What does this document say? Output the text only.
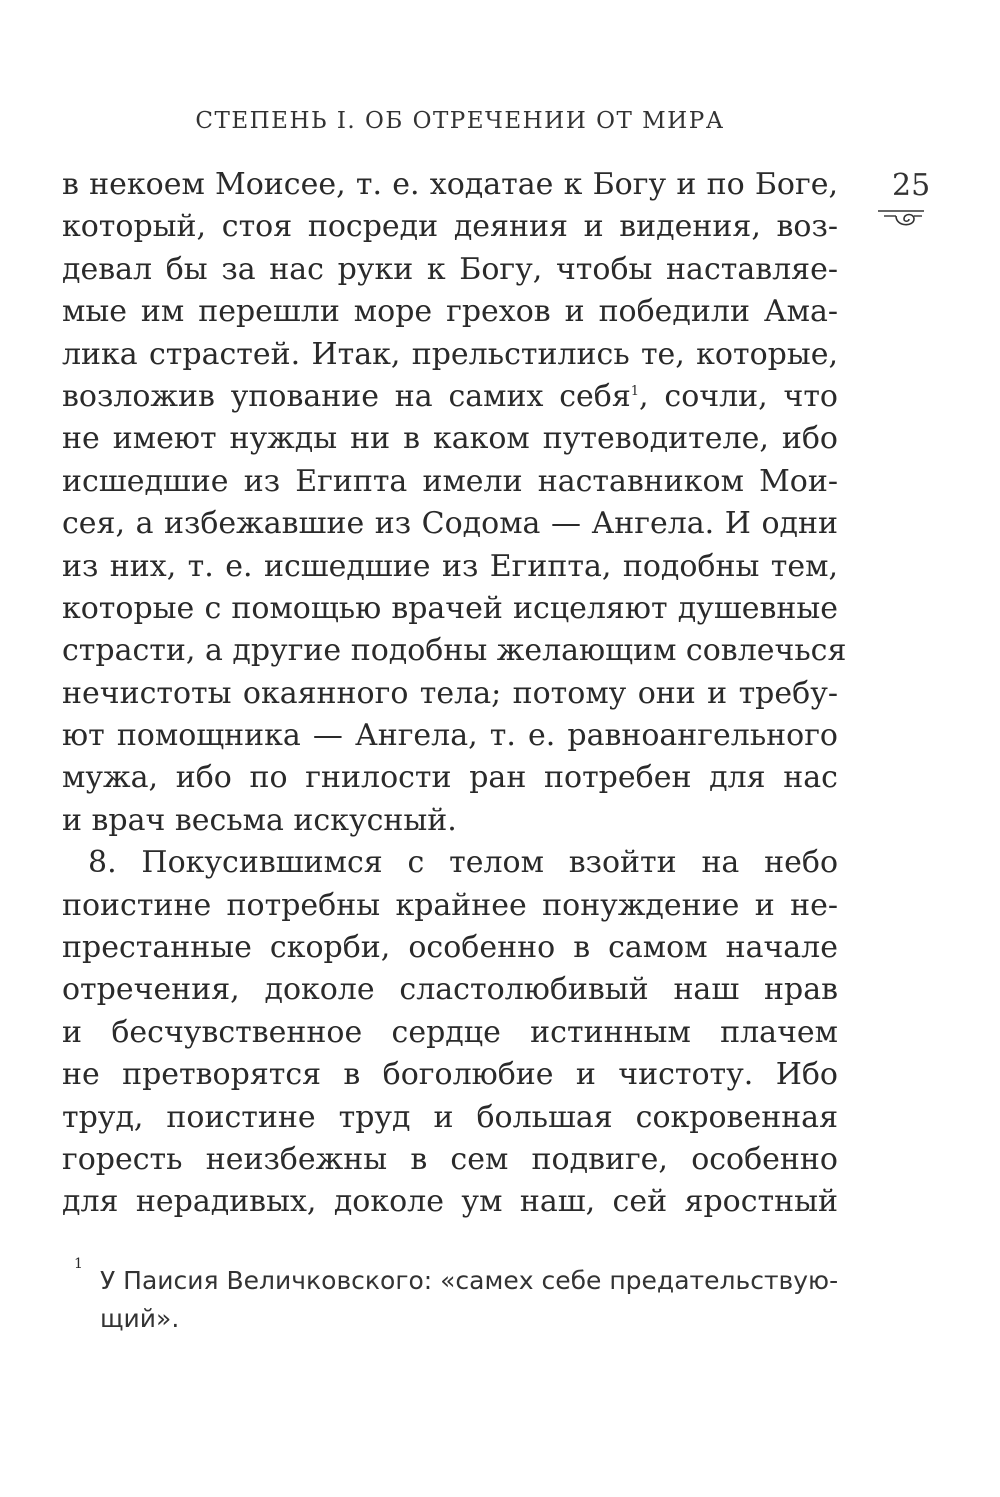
СТЕПЕНЬ I. ОБ ОТРЕЧЕНИИ ОТ МИРА
25
в некоем Моисее, т. е. ходатае к Богу и по Боге,
который, стоя посреди деяния и видения, воз-
девал бы за нас руки к Богу, чтобы наставляе-
мые им перешли море грехов и победили Ама-
лика страстей. Итак, прельстились те, которые,
возложив упование на самих себя$^1$, сочли, что
не имеют нужды ни в каком путеводителе, ибо
исшедшие из Египта имели наставником Мои-
сея, а избежавшие из Содома — Ангела. И одни
из них, т. е. исшедшие из Египта, подобны тем,
которые с помощью врачей исцеляют душевные
страсти, а другие подобны желающим совлечься
нечистоты окаянного тела; потому они и требу-
ют помощника — Ангела, т. е. равноангельного
мужа, ибо по гнилости ран потребен для нас
и врач весьма искусный.
8. Покусившимся с телом взойти на небо
поистине потребны крайнее понуждение и не-
престанные скорби, особенно в самом начале
отречения, доколе сластолюбивый наш нрав
и бесчувственное сердце истинным плачем
не претворятся в боголюбие и чистоту. Ибо
труд, поистине труд и большая сокровенная
горесть неизбежны в сем подвиге, особенно
для нерадивых, доколе ум наш, сей яростный
1
У Паисия Величковского: «самех себе предательствую-
щий».
